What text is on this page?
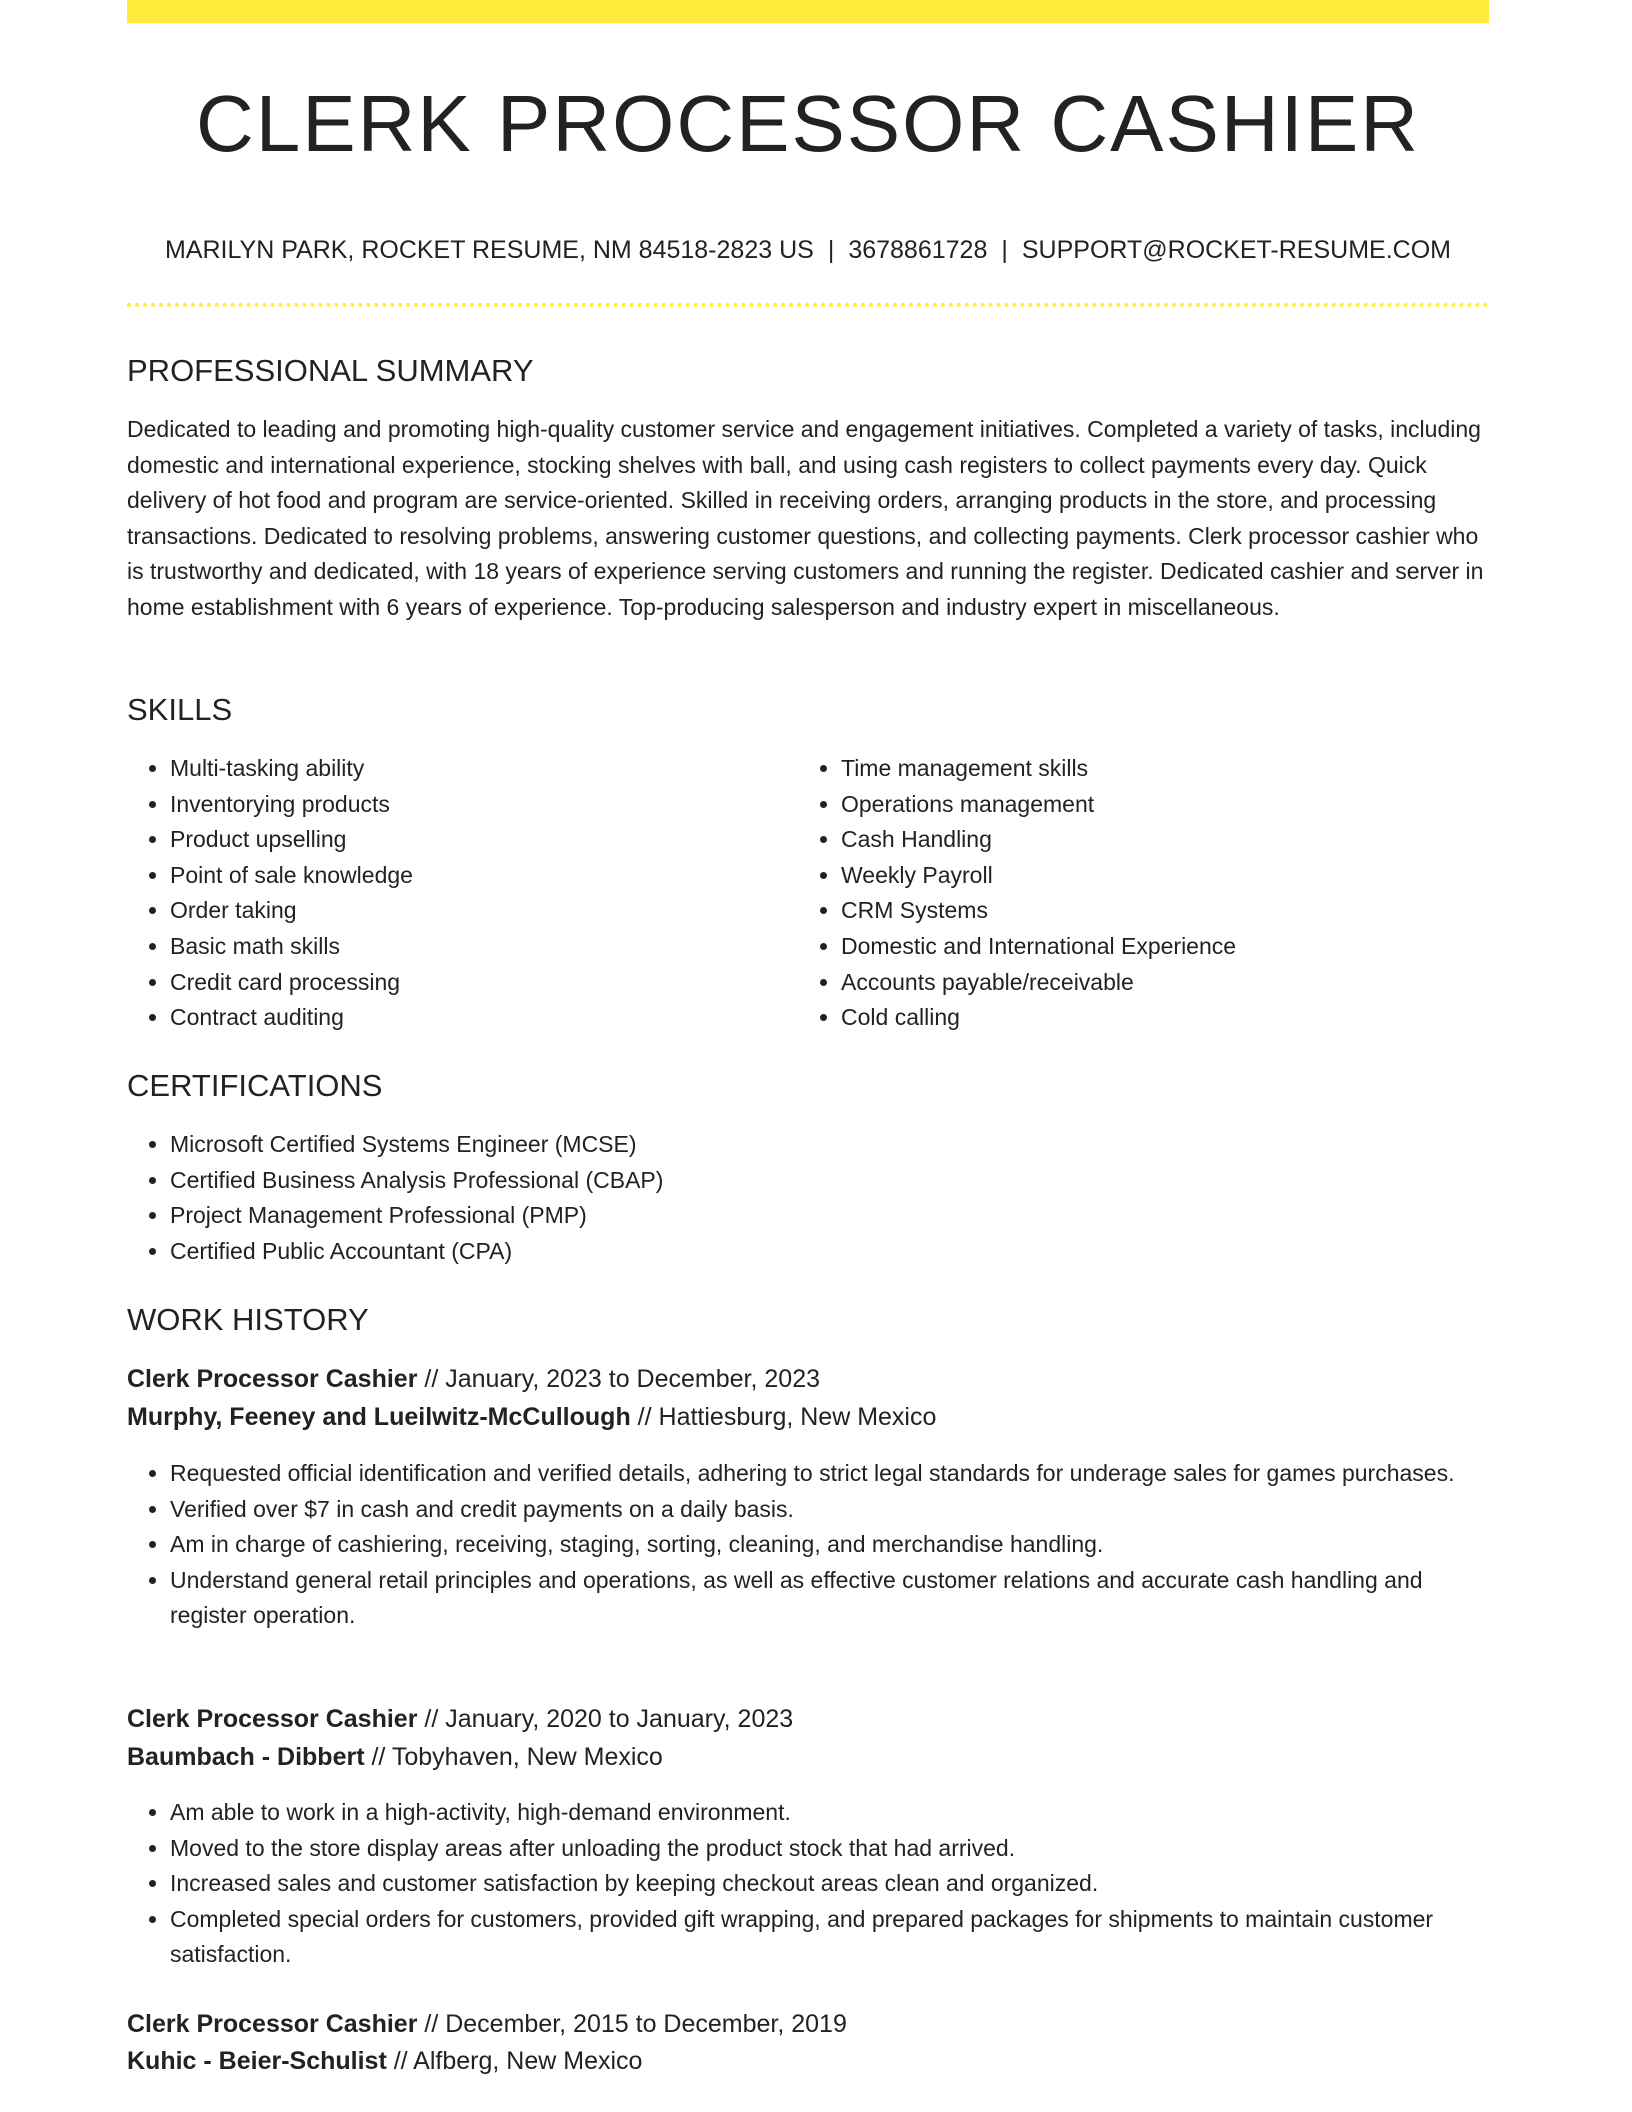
CLERK PROCESSOR CASHIER
MARILYN PARK, ROCKET RESUME, NM 84518-2823 US | 3678861728 | SUPPORT@ROCKET-RESUME.COM
PROFESSIONAL SUMMARY

Dedicated to leading and promoting high-quality customer service and engagement initiatives. Completed a variety of tasks, including domestic and international experience, stocking shelves with ball, and using cash registers to collect payments every day. Quick delivery of hot food and program are service-oriented. Skilled in receiving orders, arranging products in the store, and processing transactions. Dedicated to resolving problems, answering customer questions, and collecting payments. Clerk processor cashier who is trustworthy and dedicated, with 18 years of experience serving customers and running the register. Dedicated cashier and server in home establishment with 6 years of experience. Top-producing salesperson and industry expert in miscellaneous.

SKILLS
• Multi-tasking ability
• Inventorying products
• Product upselling
• Point of sale knowledge
• Order taking
• Basic math skills
• Credit card processing
• Contract auditing
• Time management skills
• Operations management
• Cash Handling
• Weekly Payroll
• CRM Systems
• Domestic and International Experience
• Accounts payable/receivable
• Cold calling
CERTIFICATIONS
• Microsoft Certified Systems Engineer (MCSE)
• Certified Business Analysis Professional (CBAP)
• Project Management Professional (PMP)
• Certified Public Accountant (CPA)
WORK HISTORY
Clerk Processor Cashier // January, 2023 to December, 2023
Murphy, Feeney and Lueilwitz-McCullough // Hattiesburg, New Mexico
• Requested official identification and verified details, adhering to strict legal standards for underage sales for games purchases.
• Verified over $7 in cash and credit payments on a daily basis.
• Am in charge of cashiering, receiving, staging, sorting, cleaning, and merchandise handling.
• Understand general retail principles and operations, as well as effective customer relations and accurate cash handling and register operation.
Clerk Processor Cashier // January, 2020 to January, 2023
Baumbach - Dibbert // Tobyhaven, New Mexico
• Am able to work in a high-activity, high-demand environment.
• Moved to the store display areas after unloading the product stock that had arrived.
• Increased sales and customer satisfaction by keeping checkout areas clean and organized.
• Completed special orders for customers, provided gift wrapping, and prepared packages for shipments to maintain customer satisfaction.
Clerk Processor Cashier // December, 2015 to December, 2019
Kuhic - Beier-Schulist // Alfberg, New Mexico
